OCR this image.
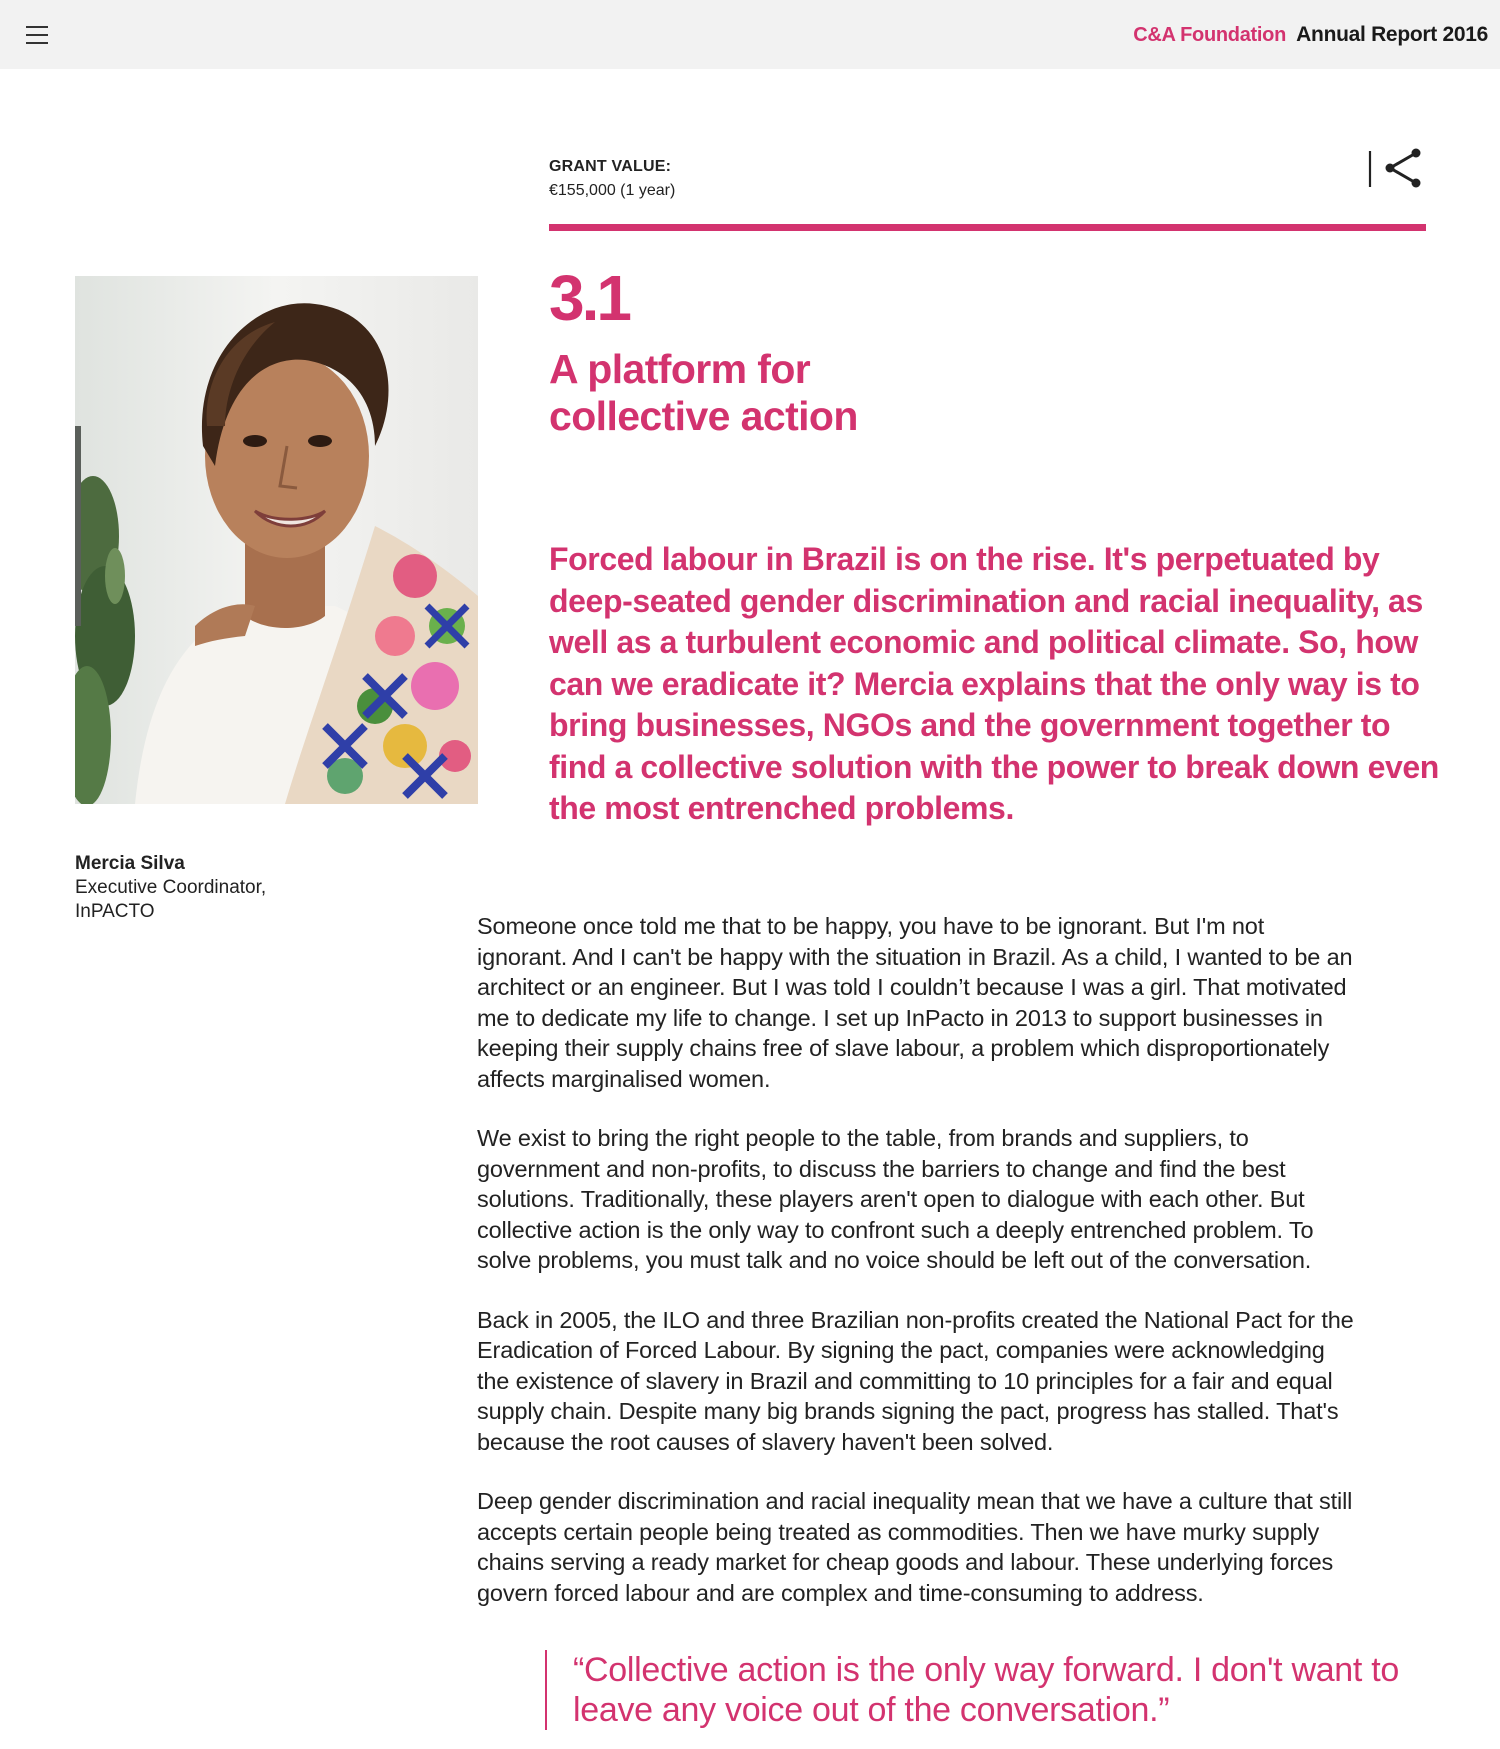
C&A Foundation Annual Report 2016
GRANT VALUE:
€155,000 (1 year)
Mercia Silva
Executive Coordinator,
InPACTO
3.1
A platform for collective action
Forced labour in Brazil is on the rise. It's perpetuated by deep-seated gender discrimination and racial inequality, as well as a turbulent economic and political climate. So, how can we eradicate it? Mercia explains that the only way is to bring businesses, NGOs and the government together to find a collective solution with the power to break down even the most entrenched problems.

Someone once told me that to be happy, you have to be ignorant. But I'm not ignorant. And I can't be happy with the situation in Brazil. As a child, I wanted to be an architect or an engineer. But I was told I couldn’t because I was a girl. That motivated me to dedicate my life to change. I set up InPacto in 2013 to support businesses in keeping their supply chains free of slave labour, a problem which disproportionately affects marginalised women.

We exist to bring the right people to the table, from brands and suppliers, to government and non-profits, to discuss the barriers to change and find the best solutions. Traditionally, these players aren't open to dialogue with each other. But collective action is the only way to confront such a deeply entrenched problem. To solve problems, you must talk and no voice should be left out of the conversation.

Back in 2005, the ILO and three Brazilian non-profits created the National Pact for the Eradication of Forced Labour. By signing the pact, companies were acknowledging the existence of slavery in Brazil and committing to 10 principles for a fair and equal supply chain. Despite many big brands signing the pact, progress has stalled. That's because the root causes of slavery haven't been solved.

Deep gender discrimination and racial inequality mean that we have a culture that still accepts certain people being treated as commodities. Then we have murky supply chains serving a ready market for cheap goods and labour. These underlying forces govern forced labour and are complex and time-consuming to address.

“Collective action is the only way forward. I don't want to leave any voice out of the conversation.”
